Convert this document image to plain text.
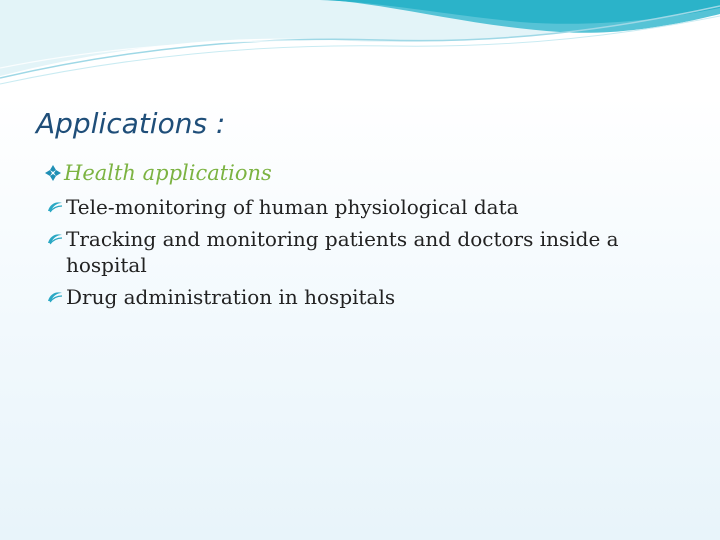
Applications :
Health applications
Tele-monitoring of human physiological data
Tracking and monitoring patients and doctors inside a hospital
Drug administration in hospitals
